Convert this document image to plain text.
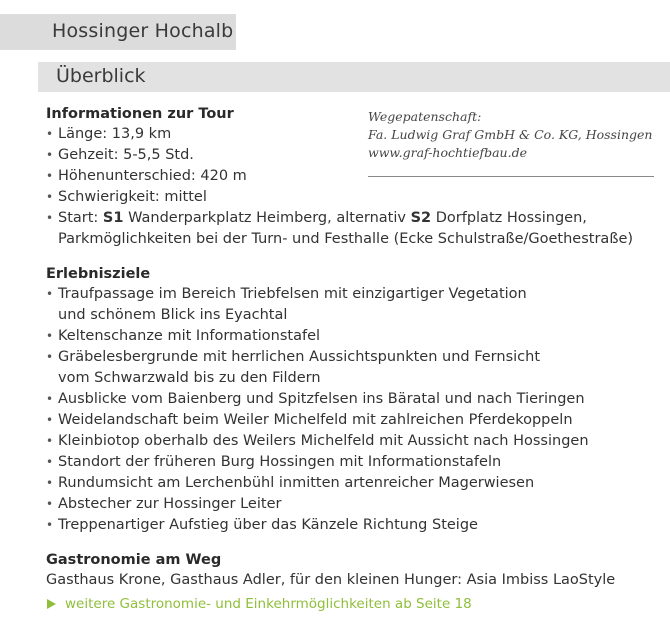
Hossinger Hochalb
Überblick
Wegepatenschaft:
Fa. Ludwig Graf GmbH & Co. KG, Hossingen
www.graf-hochtiefbau.de
Informationen zur Tour
• Länge: 13,9 km
• Gehzeit: 5-5,5 Std.
• Höhenunterschied: 420 m
• Schwierigkeit: mittel
• Start: S1 Wanderparkplatz Heimberg, alternativ S2 Dorfplatz Hossingen, Parkmöglichkeiten bei der Turn- und Festhalle (Ecke Schulstraße/Goethestraße)
Erlebnisziele
• Traufpassage im Bereich Triebfelsen mit einzigartiger Vegetation und schönem Blick ins Eyachtal
• Keltenschanze mit Informationstafel
• Gräbelesbergrunde mit herrlichen Aussichtspunkten und Fernsicht vom Schwarzwald bis zu den Fildern
• Ausblicke vom Baienberg und Spitzfelsen ins Bäratal und nach Tieringen
• Weidelandschaft beim Weiler Michelfeld mit zahlreichen Pferdekoppeln
• Kleinbiotop oberhalb des Weilers Michelfeld mit Aussicht nach Hossingen
• Standort der früheren Burg Hossingen mit Informationstafeln
• Rundumsicht am Lerchenbühl inmitten artenreicher Magerwiesen
• Abstecher zur Hossinger Leiter
• Treppenartiger Aufstieg über das Känzele Richtung Steige
Gastronomie am Weg
Gasthaus Krone, Gasthaus Adler, für den kleinen Hunger: Asia Imbiss LaoStyle
weitere Gastronomie- und Einkehrmöglichkeiten ab Seite 18
